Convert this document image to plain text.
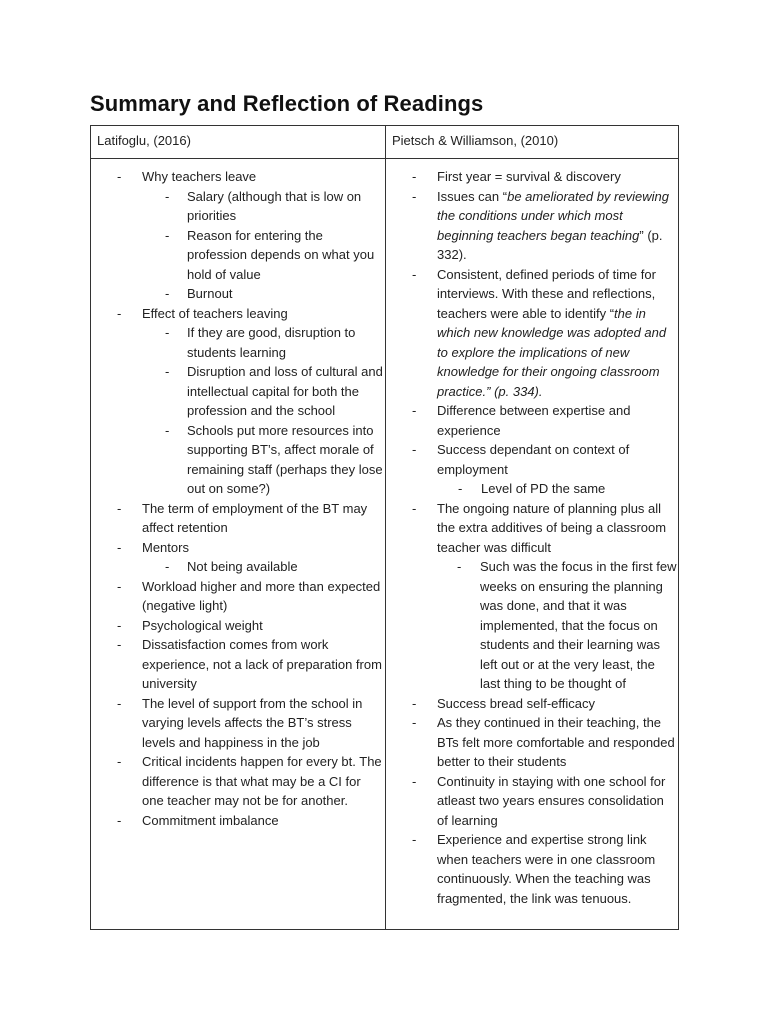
Summary and Reflection of Readings
Latifoglu, (2016)	Pietsch & Williamson, (2010)

- Why teachers leave

- Salary (although that is low on priorities

- Reason for entering the profession depends on what you hold of value

- Burnout

- Effect of teachers leaving

- If they are good, disruption to students learning

- Disruption and loss of cultural and intellectual capital for both the profession and the school

- Schools put more resources into supporting BT’s, affect morale of remaining staff (perhaps they lose out on some?)

- The term of employment of the BT may affect retention

- Mentors

- Not being available

- Workload higher and more than expected (negative light)

- Psychological weight

- Dissatisfaction comes from work experience, not a lack of preparation from university

- The level of support from the school in varying levels affects the BT’s stress levels and happiness in the job

- Critical incidents happen for every bt. The difference is that what may be a CI for one teacher may not be for another.

- Commitment imbalance

- First year = survival & discovery

- Issues can “be ameliorated by reviewing the conditions under which most beginning teachers began teaching” (p. 332).

- Consistent, defined periods of time for interviews. With these and reflections, teachers were able to identify “the in which new knowledge was adopted and to explore the implications of new knowledge for their ongoing classroom practice.” (p. 334).

- Difference between expertise and experience

- Success dependant on context of employment

- Level of PD the same

- The ongoing nature of planning plus all the extra additives of being a classroom teacher was difficult

- Such was the focus in the first few weeks on ensuring the planning was done, and that it was implemented, that the focus on students and their learning was left out or at the very least, the last thing to be thought of

- Success bread self-efficacy

- As they continued in their teaching, the BTs felt more comfortable and responded better to their students

- Continuity in staying with one school for atleast two years ensures consolidation of learning

- Experience and expertise strong link when teachers were in one classroom continuously. When the teaching was fragmented, the link was tenuous.
